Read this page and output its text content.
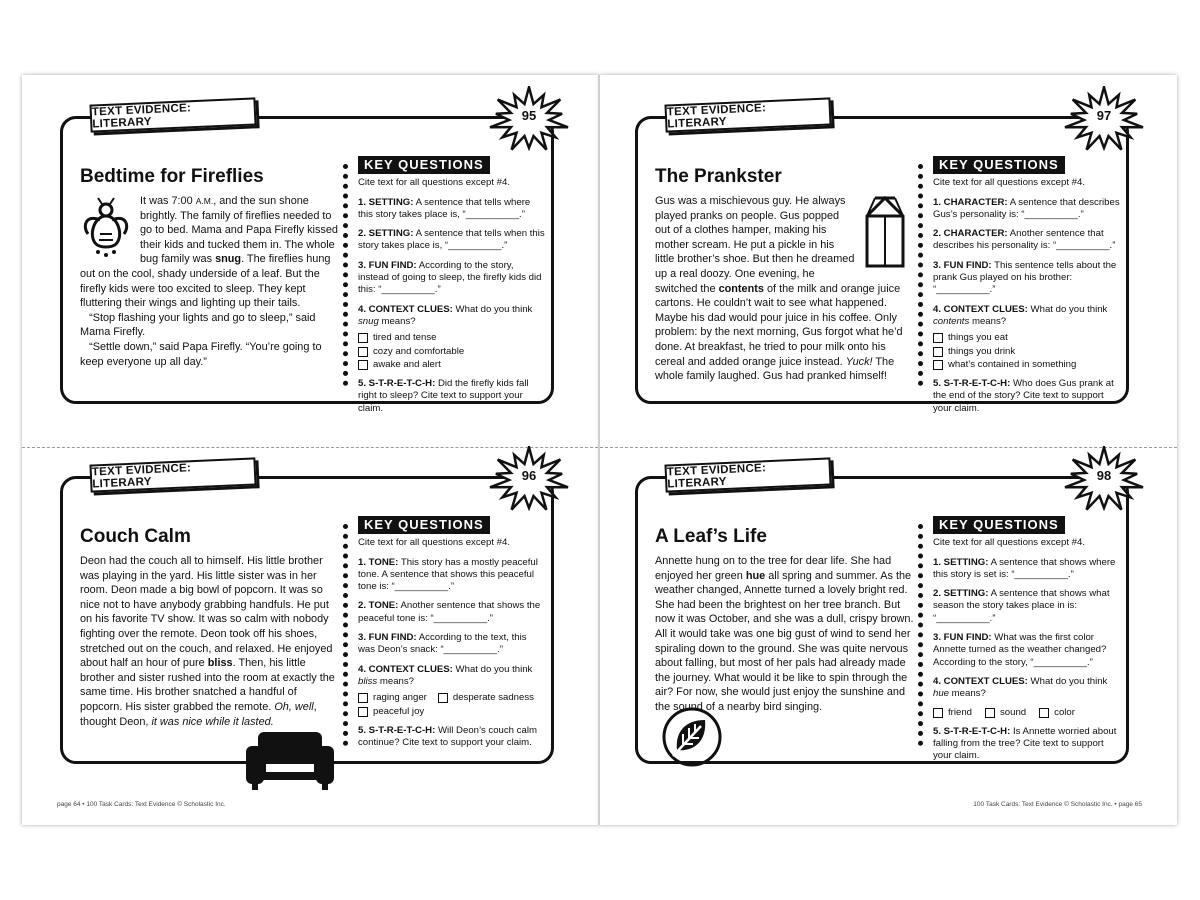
page 64 • 100 Task Cards: Text Evidence © Scholastic Inc.	100 Task Cards: Text Evidence © Scholastic Inc. • page 65
TEXT EVIDENCE: LITERARY
95
Bedtime for Fireflies

It was 7:00 A.M., and the sun shone brightly. The family of fireflies needed to go to bed. Mama and Papa Firefly kissed their kids and tucked them in. The whole bug family was snug. The fireflies hung out on the cool, shady underside of a leaf. But the firefly kids were too excited to sleep. They kept fluttering their wings and lighting up their tails.

“Stop flashing your lights and go to sleep,” said Mama Firefly.

“Settle down,” said Papa Firefly. “You’re going to keep everyone up all day.”

KEY QUESTIONS
Cite text for all questions except #4.
1. SETTING: A sentence that tells where this story takes place is, “__________.”
2. SETTING: A sentence that tells when this story takes place is, “__________.”
3. FUN FIND: According to the story, instead of going to sleep, the firefly kids did this: “__________.”
4. CONTEXT CLUES: What do you think snug means?
tired and tense
cozy and comfortable
awake and alert
5. S-T-R-E-T-C-H: Did the firefly kids fall right to sleep? Cite text to support your claim.
TEXT EVIDENCE: LITERARY
96
Couch Calm

Deon had the couch all to himself. His little brother was playing in the yard. His little sister was in her room. Deon made a big bowl of popcorn. It was so nice not to have anybody grabbing handfuls. He put on his favorite TV show. It was so calm with nobody fighting over the remote. Deon took off his shoes, stretched out on the couch, and relaxed. He enjoyed about half an hour of pure bliss. Then, his little brother and sister rushed into the room at exactly the same time. His brother snatched a handful of popcorn. His sister grabbed the remote. Oh, well, thought Deon, it was nice while it lasted.

KEY QUESTIONS
Cite text for all questions except #4.
1. TONE: This story has a mostly peaceful tone. A sentence that shows this peaceful tone is: “__________.”
2. TONE: Another sentence that shows the peaceful tone is: “__________.”
3. FUN FIND: According to the text, this was Deon’s snack: “__________.”
4. CONTEXT CLUES: What do you think bliss means?
raging anger	desperate sadness
peaceful joy
5. S-T-R-E-T-C-H: Will Deon’s couch calm continue? Cite text to support your claim.
TEXT EVIDENCE: LITERARY
97
The Prankster

Gus was a mischievous guy. He always played pranks on people. Gus popped out of a clothes hamper, making his mother scream. He put a pickle in his little brother’s shoe. But then he dreamed up a real doozy. One evening, he switched the contents of the milk and orange juice cartons. He couldn’t wait to see what happened. Maybe his dad would pour juice in his coffee. Only problem: by the next morning, Gus forgot what he’d done. At breakfast, he tried to pour milk onto his cereal and added orange juice instead. Yuck! The whole family laughed. Gus had pranked himself!

KEY QUESTIONS
Cite text for all questions except #4.
1. CHARACTER: A sentence that describes Gus’s personality is: “__________.”
2. CHARACTER: Another sentence that describes his personality is: “__________.”
3. FUN FIND: This sentence tells about the prank Gus played on his brother: “__________.”
4. CONTEXT CLUES: What do you think contents means?
things you eat
things you drink
what’s contained in something
5. S-T-R-E-T-C-H: Who does Gus prank at the end of the story? Cite text to support your claim.
TEXT EVIDENCE: LITERARY
98
A Leaf’s Life

Annette hung on to the tree for dear life. She had enjoyed her green hue all spring and summer. As the weather changed, Annette turned a lovely bright red. She had been the brightest on her tree branch. But now it was October, and she was a dull, crispy brown. All it would take was one big gust of wind to send her spiraling down to the ground. She was quite nervous about falling, but most of her pals had already made the journey. What would it be like to spin through the air? For now, she would just enjoy the sunshine and the sound of a nearby bird singing.

KEY QUESTIONS
Cite text for all questions except #4.
1. SETTING: A sentence that shows where this story is set is: “__________.”
2. SETTING: A sentence that shows what season the story takes place in is: “__________.”
3. FUN FIND: What was the first color Annette turned as the weather changed? According to the story, “__________.”
4. CONTEXT CLUES: What do you think hue means?
friend	sound	color
5. S-T-R-E-T-C-H: Is Annette worried about falling from the tree? Cite text to support your claim.
